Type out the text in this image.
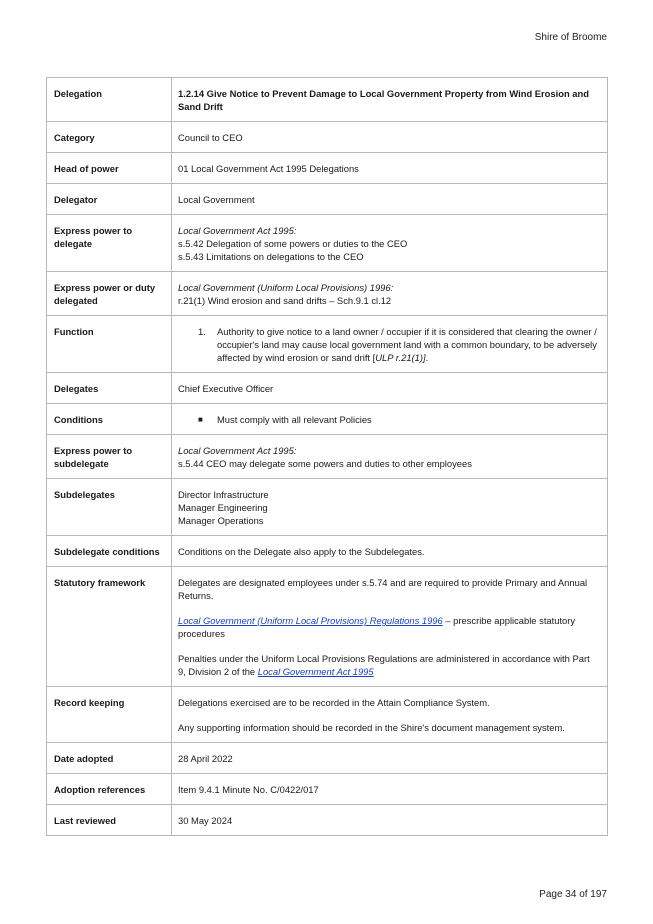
Shire of Broome
Delegation	1.2.14 Give Notice to Prevent Damage to Local Government Property from Wind Erosion and Sand Drift
Category	Council to CEO
Head of power	01 Local Government Act 1995 Delegations
Delegator	Local Government
Express power to delegate	Local Government Act 1995:
s.5.42 Delegation of some powers or duties to the CEO
s.5.43 Limitations on delegations to the CEO

Express power or duty delegated	Local Government (Uniform Local Provisions) 1996:
r.21(1) Wind erosion and sand drifts – Sch.9.1 cl.12

Function	1. Authority to give notice to a land owner / occupier if it is considered that clearing the owner / occupier's land may cause local government land with a common boundary, to be adversely affected by wind erosion or sand drift [ULP r.21(1)].

Delegates	Chief Executive Officer
Conditions	■ Must comply with all relevant Policies

Express power to subdelegate	Local Government Act 1995:
s.5.44 CEO may delegate some powers and duties to other employees

Subdelegates	Director Infrastructure
Manager Engineering
Manager Operations

Subdelegate conditions	Conditions on the Delegate also apply to the Subdelegates.
Statutory framework	Delegates are designated employees under s.5.74 and are required to provide Primary and Annual Returns.

Local Government (Uniform Local Provisions) Regulations 1996 – prescribe applicable statutory procedures

Penalties under the Uniform Local Provisions Regulations are administered in accordance with Part 9, Division 2 of the Local Government Act 1995

Record keeping	Delegations exercised are to be recorded in the Attain Compliance System.

Any supporting information should be recorded in the Shire's document management system.

Date adopted	28 April 2022
Adoption references	Item 9.4.1 Minute No. C/0422/017
Last reviewed	30 May 2024
Page 34 of 197
